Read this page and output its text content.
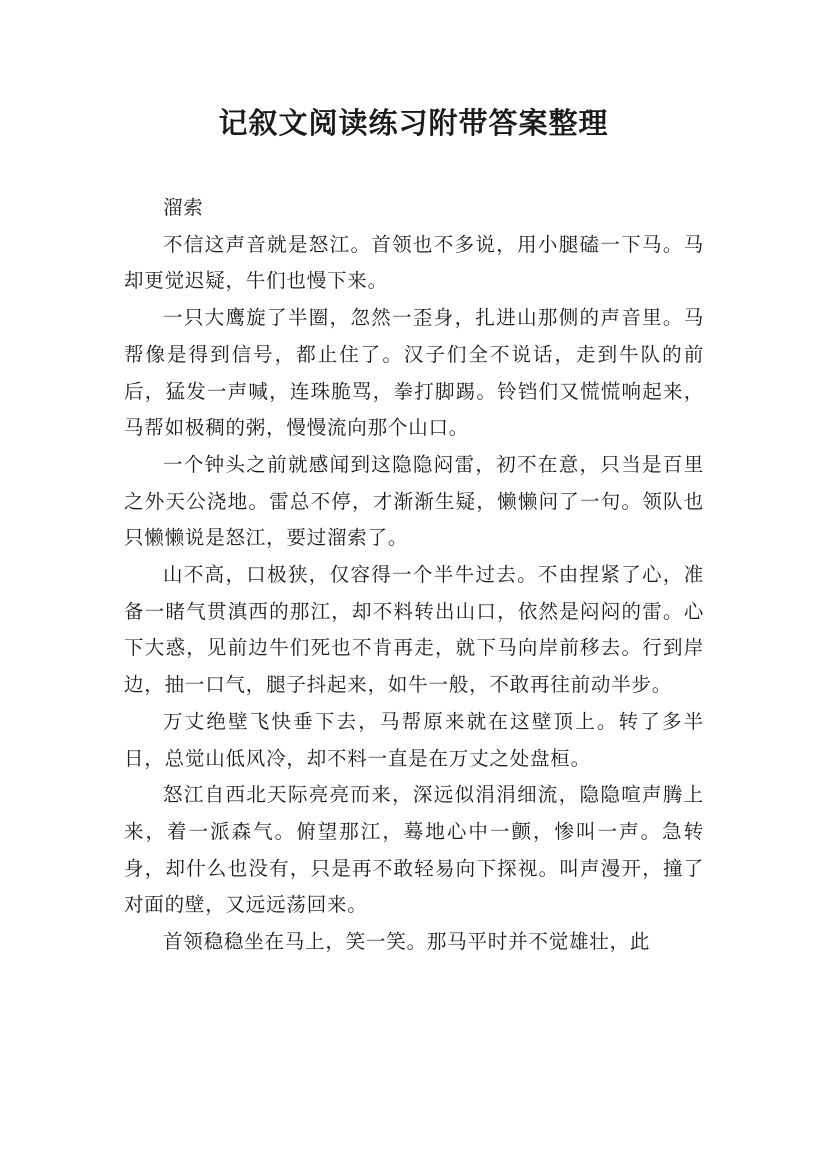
记叙文阅读练习附带答案整理

溜索

不信这声音就是怒江。首领也不多说，用小腿磕一下马。马却更觉迟疑，牛们也慢下来。

一只大鹰旋了半圈，忽然一歪身，扎进山那侧的声音里。马帮像是得到信号，都止住了。汉子们全不说话，走到牛队的前后，猛发一声喊，连珠脆骂，拳打脚踢。铃铛们又慌慌响起来，马帮如极稠的粥，慢慢流向那个山口。

一个钟头之前就感闻到这隐隐闷雷，初不在意，只当是百里之外天公浇地。雷总不停，才渐渐生疑，懒懒问了一句。领队也只懒懒说是怒江，要过溜索了。

山不高，口极狭，仅容得一个半牛过去。不由捏紧了心，准备一睹气贯滇西的那江，却不料转出山口，依然是闷闷的雷。心下大惑，见前边牛们死也不肯再走，就下马向岸前移去。行到岸边，抽一口气，腿子抖起来，如牛一般，不敢再往前动半步。

万丈绝壁飞快垂下去，马帮原来就在这壁顶上。转了多半日，总觉山低风冷，却不料一直是在万丈之处盘桓。

怒江自西北天际亮亮而来，深远似涓涓细流，隐隐喧声腾上来，着一派森气。俯望那江，蓦地心中一颤，惨叫一声。急转身，却什么也没有，只是再不敢轻易向下探视。叫声漫开，撞了对面的壁，又远远荡回来。

首领稳稳坐在马上，笑一笑。那马平时并不觉雄壮，此
